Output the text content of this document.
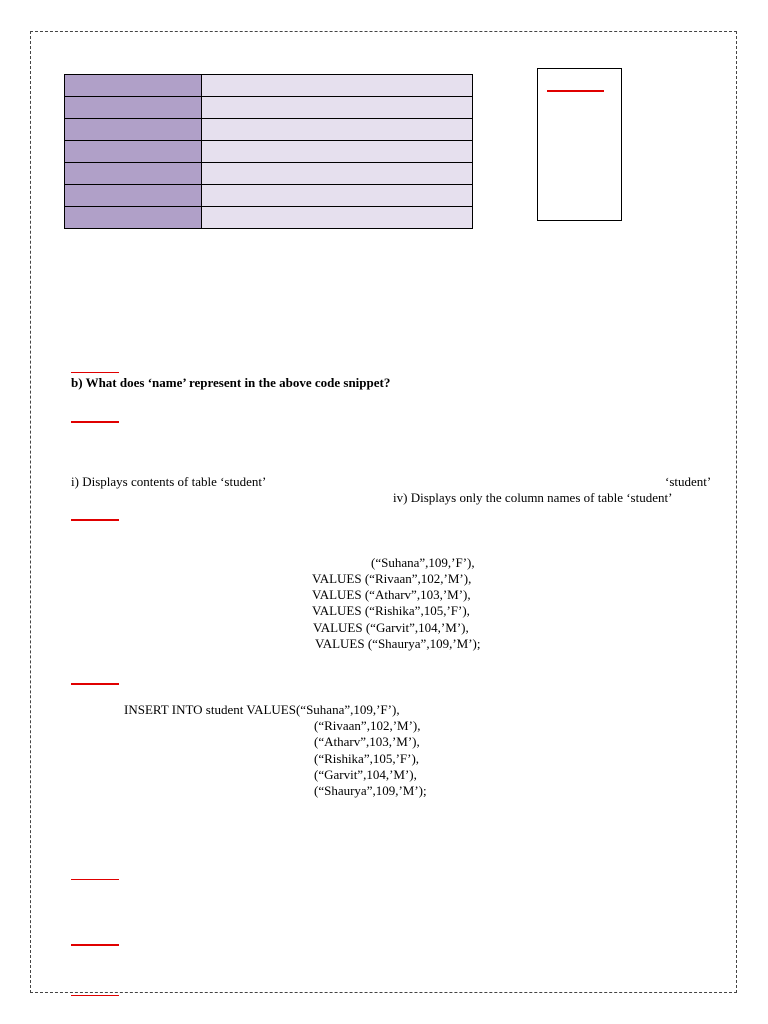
b) What does ‘name’ represent in the above code snippet?
i) Displays contents of table ‘student’	‘student’
iv) Displays only the column names of table ‘student’
(“Suhana”,109,’F’),
VALUES (“Rivaan”,102,’M’),
VALUES (“Atharv”,103,’M’),
VALUES (“Rishika”,105,’F’),
VALUES (“Garvit”,104,’M’),
VALUES (“Shaurya”,109,’M’);
INSERT INTO student VALUES(“Suhana”,109,’F’),
(“Rivaan”,102,’M’),
(“Atharv”,103,’M’),
(“Rishika”,105,’F’),
(“Garvit”,104,’M’),
(“Shaurya”,109,’M’);
